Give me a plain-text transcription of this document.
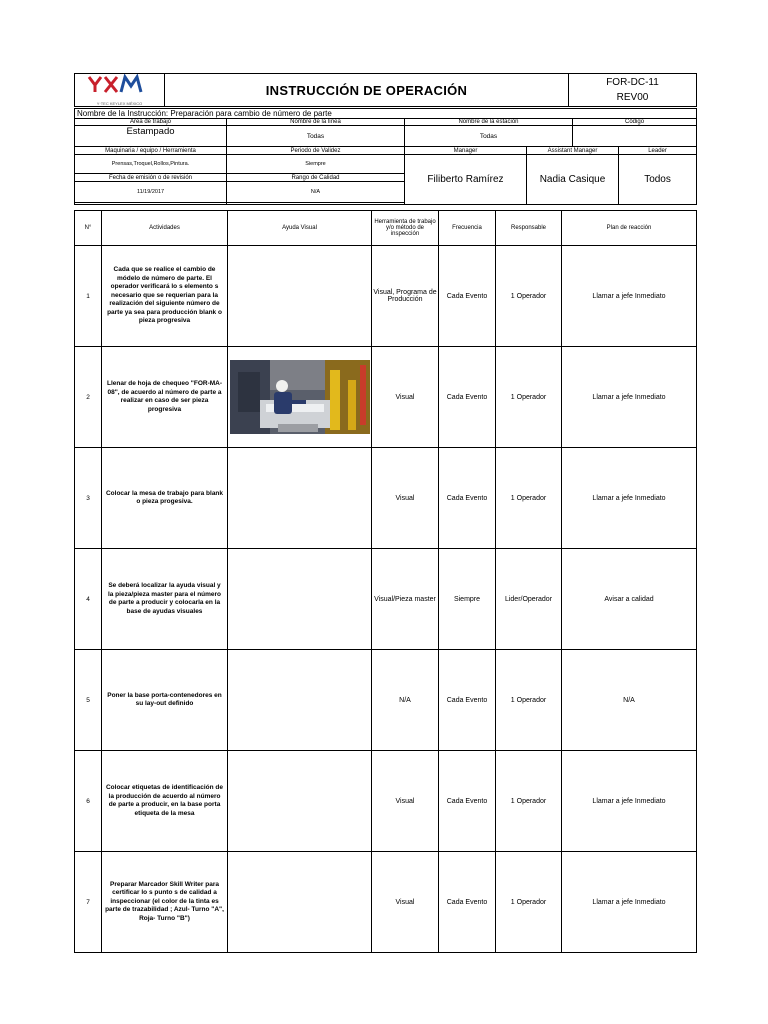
Y·TEC KEYLEX MÉXICO
	INSTRUCCIÓN DE OPERACIÓN	FOR-DC-11
REV00
Nombre de la Instrucción: Preparación para cambio de número de parte					
Área de trabajo	Nombre de la línea	Nombre de la estación		Código	
Estampado	Todas	Todas			
Maquinaria / equipo / Herramienta	Periodo de Validez	Manager	Assistant Manager		Leader
Prensas,Troquel,Rollos,Pintura.	Siempre	Filiberto Ramírez	Nadia Casique		Todos
Fecha de emisión o de revisión	Rango de Calidad				
11/19/2017	N/A				

N°	Actividades	Ayuda Visual	Herramienta de trabajo y/o método de inspección	Frecuencia	Responsable	Plan de reacción
1	Cada que se realice el cambio de módelo de número de parte. El operador verificará lo s elemento s necesario que se requerian para la realización del siguiente número de parte ya sea para producción blank o pieza progresiva		Visual, Programa de Producción	Cada Evento	1 Operador	Llamar a jefe Inmediato
2	Llenar de hoja de chequeo "FOR-MA-08", de acuerdo al número de parte a realizar en caso de ser pieza progresiva		Visual	Cada Evento	1 Operador	Llamar a jefe Inmediato
3	Colocar la mesa de trabajo para blank o pieza progesiva.		Visual	Cada Evento	1 Operador	Llamar a jefe Inmediato
4	Se deberá localizar la ayuda visual y la pieza/pieza master para el número de parte a producir y colocarla en la base de ayudas visuales		Visual/Pieza master	Siempre	Lider/Operador	Avisar a calidad
5	Poner la base porta-contenedores en su lay-out definido		N/A	Cada Evento	1 Operador	N/A
6	Colocar etiquetas de identificación de la producción de acuerdo al número de parte a producir, en la base porta etiqueta de la mesa		Visual	Cada Evento	1 Operador	Llamar a jefe Inmediato
7	Preparar Marcador Skill Writer para certificar lo s punto s de calidad a inspeccionar (el color de la tinta es parte de trazabilidad ; Azul- Turno "A", Roja- Turno "B")		Visual	Cada Evento	1 Operador	Llamar a jefe Inmediato
